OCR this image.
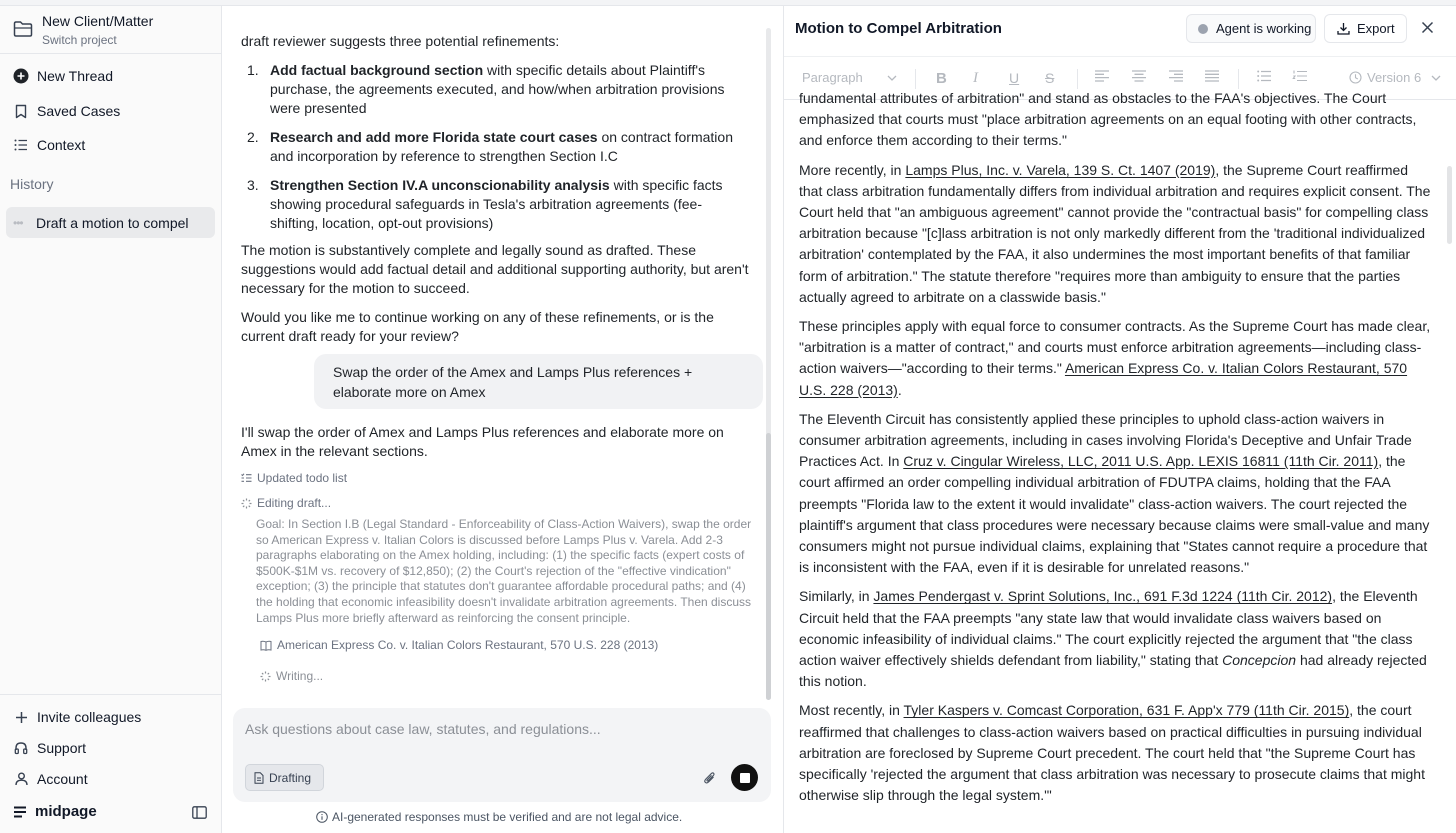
New Client/Matter
Switch project
New Thread
Saved Cases
Context
History
••• Draft a motion to compel
Invite colleagues
Support
Account
midpage
draft reviewer suggests three potential refinements:
1. Add factual background section with specific details about Plaintiff's purchase, the agreements executed, and how/when arbitration provisions were presented
2. Research and add more Florida state court cases on contract formation and incorporation by reference to strengthen Section I.C
3. Strengthen Section IV.A unconscionability analysis with specific facts showing procedural safeguards in Tesla's arbitration agreements (fee-shifting, location, opt-out provisions)
The motion is substantively complete and legally sound as drafted. These suggestions would add factual detail and additional supporting authority, but aren't necessary for the motion to succeed.
Would you like me to continue working on any of these refinements, or is the current draft ready for your review?
Swap the order of the Amex and Lamps Plus references + elaborate more on Amex
I'll swap the order of Amex and Lamps Plus references and elaborate more on Amex in the relevant sections.
Updated todo list
Editing draft...
Goal: In Section I.B (Legal Standard - Enforceability of Class-Action Waivers), swap the order so American Express v. Italian Colors is discussed before Lamps Plus v. Varela. Add 2-3 paragraphs elaborating on the Amex holding, including: (1) the specific facts (expert costs of $500K-$1M vs. recovery of $12,850); (2) the Court's rejection of the "effective vindication" exception; (3) the principle that statutes don't guarantee affordable procedural paths; and (4) the holding that economic infeasibility doesn't invalidate arbitration agreements. Then discuss Lamps Plus more briefly afterward as reinforcing the consent principle.
American Express Co. v. Italian Colors Restaurant, 570 U.S. 228 (2013)
Writing...
Ask questions about case law, statutes, and regulations...
Drafting
AI-generated responses must be verified and are not legal advice.
Motion to Compel Arbitration	Agent is working	Export
Paragraph	B I U S	Version 6

fundamental attributes of arbitration" and stand as obstacles to the FAA's objectives. The Court emphasized that courts must "place arbitration agreements on an equal footing with other contracts, and enforce them according to their terms."

More recently, in Lamps Plus, Inc. v. Varela, 139 S. Ct. 1407 (2019), the Supreme Court reaffirmed that class arbitration fundamentally differs from individual arbitration and requires explicit consent. The Court held that "an ambiguous agreement" cannot provide the "contractual basis" for compelling class arbitration because "[c]lass arbitration is not only markedly different from the 'traditional individualized arbitration' contemplated by the FAA, it also undermines the most important benefits of that familiar form of arbitration." The statute therefore "requires more than ambiguity to ensure that the parties actually agreed to arbitrate on a classwide basis."

These principles apply with equal force to consumer contracts. As the Supreme Court has made clear, "arbitration is a matter of contract," and courts must enforce arbitration agreements—including class-action waivers—"according to their terms." American Express Co. v. Italian Colors Restaurant, 570 U.S. 228 (2013).

The Eleventh Circuit has consistently applied these principles to uphold class-action waivers in consumer arbitration agreements, including in cases involving Florida's Deceptive and Unfair Trade Practices Act. In Cruz v. Cingular Wireless, LLC, 2011 U.S. App. LEXIS 16811 (11th Cir. 2011), the court affirmed an order compelling individual arbitration of FDUTPA claims, holding that the FAA preempts "Florida law to the extent it would invalidate" class-action waivers. The court rejected the plaintiff's argument that class procedures were necessary because claims were small-value and many consumers might not pursue individual claims, explaining that "States cannot require a procedure that is inconsistent with the FAA, even if it is desirable for unrelated reasons."

Similarly, in James Pendergast v. Sprint Solutions, Inc., 691 F.3d 1224 (11th Cir. 2012), the Eleventh Circuit held that the FAA preempts "any state law that would invalidate class waivers based on economic infeasibility of individual claims." The court explicitly rejected the argument that "the class action waiver effectively shields defendant from liability," stating that Concepcion had already rejected this notion.

Most recently, in Tyler Kaspers v. Comcast Corporation, 631 F. App'x 779 (11th Cir. 2015), the court reaffirmed that challenges to class-action waivers based on practical difficulties in pursuing individual arbitration are foreclosed by Supreme Court precedent. The court held that "the Supreme Court has specifically 'rejected the argument that class arbitration was necessary to prosecute claims that might otherwise slip through the legal system.'"
